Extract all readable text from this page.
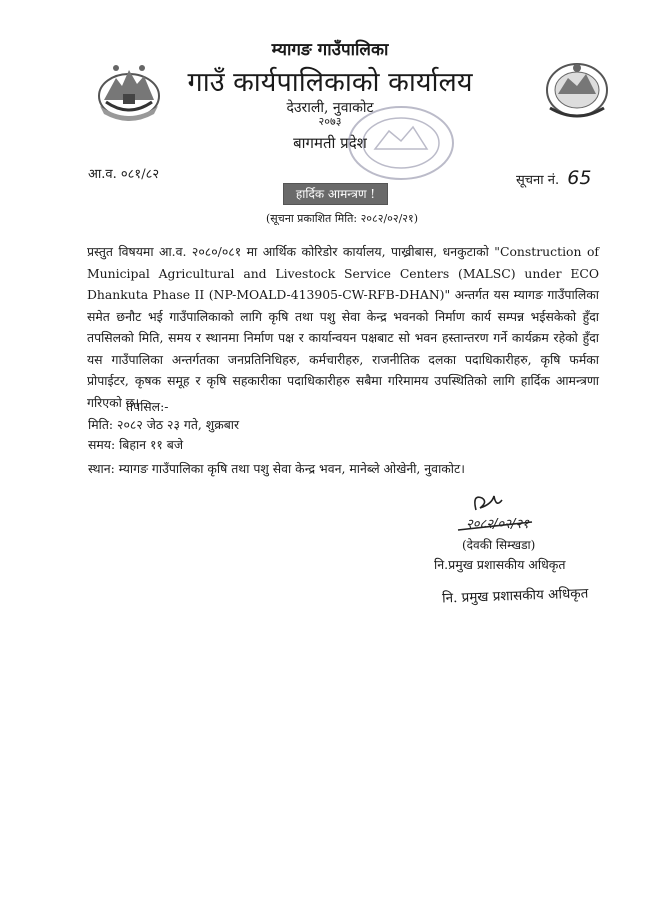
म्यागङ गाउँपालिका
गाउँ कार्यपालिकाको कार्यालय
देउराली, नुवाकोट
२०७३
बागमती प्रदेश
आ.व. ०८१/८२	सूचना नं. 65
हार्दिक आमन्त्रण !
(सूचना प्रकाशित मिति: २०८२/०२/२१)
प्रस्तुत विषयमा आ.व. २०८०/०८१ मा आर्थिक कोरिडोर कार्यालय, पाख्रीबास, धनकुटाको "Construction of Municipal Agricultural and Livestock Service Centers (MALSC) under ECO Dhankuta Phase II (NP-MOALD-413905-CW-RFB-DHAN)" अन्तर्गत यस म्यागङ गाउँपालिका समेत छनौट भई गाउँपालिकाको लागि कृषि तथा पशु सेवा केन्द्र भवनको निर्माण कार्य सम्पन्न भईसकेको हुँदा तपसिलको मिति, समय र स्थानमा निर्माण पक्ष र कार्यान्वयन पक्षबाट सो भवन हस्तान्तरण गर्ने कार्यक्रम रहेको हुँदा यस गाउँपालिका अन्तर्गतका जनप्रतिनिधिहरु, कर्मचारीहरु, राजनीतिक दलका पदाधिकारीहरु, कृषि फर्मका प्रोपाईटर, कृषक समूह र कृषि सहकारीका पदाधिकारीहरु सबैमा गरिमामय उपस्थितिको लागि हार्दिक आमन्त्रणा गरिएको छ।
तपसिल:-
मिति: २०८२ जेठ २३ गते, शुक्रबार
समय: बिहान ११ बजे
स्थान: म्यागङ गाउँपालिका कृषि तथा पशु सेवा केन्द्र भवन, मानेब्ले ओखेनी, नुवाकोट।
२०८२/०२/२१
(देवकी सिम्खडा)
नि.प्रमुख प्रशासकीय अधिकृत
नि. प्रमुख प्रशासकीय अधिकृत
